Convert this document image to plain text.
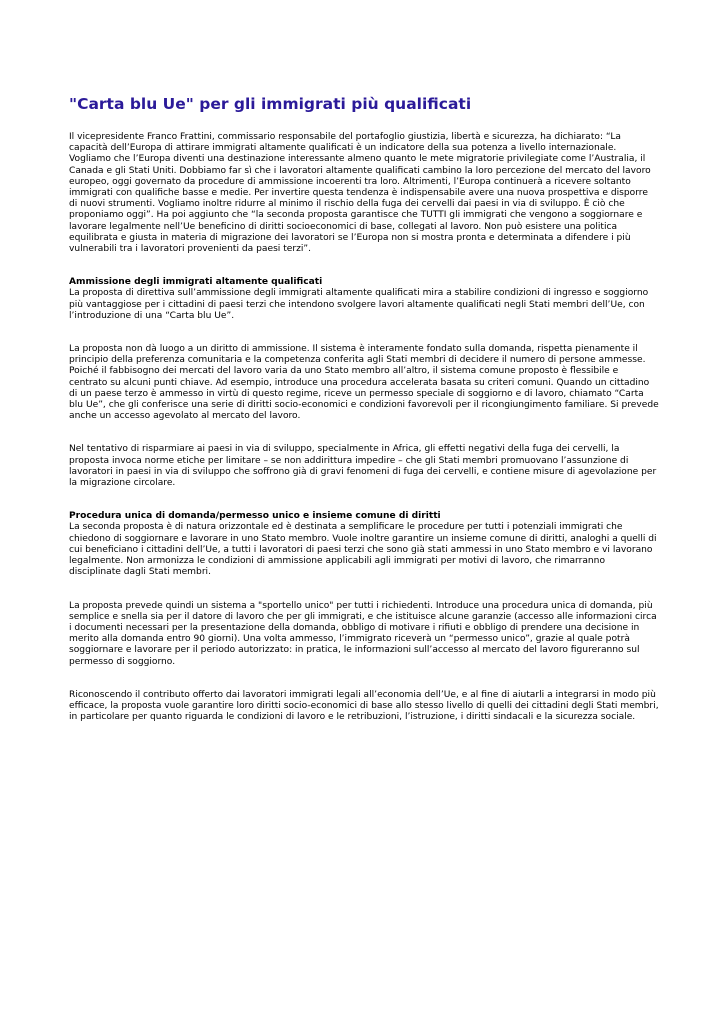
"Carta blu Ue" per gli immigrati più qualificati

Il vicepresidente Franco Frattini, commissario responsabile del portafoglio giustizia, libertà e sicurezza, ha dichiarato: “La capacità dell’Europa di attirare immigrati altamente qualificati è un indicatore della sua potenza a livello internazionale. Vogliamo che l’Europa diventi una destinazione interessante almeno quanto le mete migratorie privilegiate come l’Australia, il Canada e gli Stati Uniti. Dobbiamo far sì che i lavoratori altamente qualificati cambino la loro percezione del mercato del lavoro europeo, oggi governato da procedure di ammissione incoerenti tra loro. Altrimenti, l’Europa continuerà a ricevere soltanto immigrati con qualifiche basse e medie. Per invertire questa tendenza è indispensabile avere una nuova prospettiva e disporre di nuovi strumenti. Vogliamo inoltre ridurre al minimo il rischio della fuga dei cervelli dai paesi in via di sviluppo. È ciò che proponiamo oggi”. Ha poi aggiunto che “la seconda proposta garantisce che TUTTI gli immigrati che vengono a soggiornare e lavorare legalmente nell’Ue beneficino di diritti socioeconomici di base, collegati al lavoro. Non può esistere una politica equilibrata e giusta in materia di migrazione dei lavoratori se l’Europa non si mostra pronta e determinata a difendere i più vulnerabili tra i lavoratori provenienti da paesi terzi”.

Ammissione degli immigrati altamente qualificati

La proposta di direttiva sull’ammissione degli immigrati altamente qualificati mira a stabilire condizioni di ingresso e soggiorno più vantaggiose per i cittadini di paesi terzi che intendono svolgere lavori altamente qualificati negli Stati membri dell’Ue, con l’introduzione di una “Carta blu Ue”.

La proposta non dà luogo a un diritto di ammissione. Il sistema è interamente fondato sulla domanda, rispetta pienamente il principio della preferenza comunitaria e la competenza conferita agli Stati membri di decidere il numero di persone ammesse. Poiché il fabbisogno dei mercati del lavoro varia da uno Stato membro all’altro, il sistema comune proposto è flessibile e centrato su alcuni punti chiave. Ad esempio, introduce una procedura accelerata basata su criteri comuni. Quando un cittadino di un paese terzo è ammesso in virtù di questo regime, riceve un permesso speciale di soggiorno e di lavoro, chiamato “Carta blu Ue”, che gli conferisce una serie di diritti socio-economici e condizioni favorevoli per il ricongiungimento familiare. Si prevede anche un accesso agevolato al mercato del lavoro.

Nel tentativo di risparmiare ai paesi in via di sviluppo, specialmente in Africa, gli effetti negativi della fuga dei cervelli, la proposta invoca norme etiche per limitare – se non addirittura impedire – che gli Stati membri promuovano l’assunzione di lavoratori in paesi in via di sviluppo che soffrono già di gravi fenomeni di fuga dei cervelli, e contiene misure di agevolazione per la migrazione circolare.

Procedura unica di domanda/permesso unico e insieme comune di diritti

La seconda proposta è di natura orizzontale ed è destinata a semplificare le procedure per tutti i potenziali immigrati che chiedono di soggiornare e lavorare in uno Stato membro. Vuole inoltre garantire un insieme comune di diritti, analoghi a quelli di cui beneficiano i cittadini dell’Ue, a tutti i lavoratori di paesi terzi che sono già stati ammessi in uno Stato membro e vi lavorano legalmente. Non armonizza le condizioni di ammissione applicabili agli immigrati per motivi di lavoro, che rimarranno disciplinate dagli Stati membri.

La proposta prevede quindi un sistema a "sportello unico" per tutti i richiedenti. Introduce una procedura unica di domanda, più semplice e snella sia per il datore di lavoro che per gli immigrati, e che istituisce alcune garanzie (accesso alle informazioni circa i documenti necessari per la presentazione della domanda, obbligo di motivare i rifiuti e obbligo di prendere una decisione in merito alla domanda entro 90 giorni). Una volta ammesso, l’immigrato riceverà un “permesso unico”, grazie al quale potrà soggiornare e lavorare per il periodo autorizzato: in pratica, le informazioni sull’accesso al mercato del lavoro figureranno sul permesso di soggiorno.

Riconoscendo il contributo offerto dai lavoratori immigrati legali all’economia dell’Ue, e al fine di aiutarli a integrarsi in modo più efficace, la proposta vuole garantire loro diritti socio-economici di base allo stesso livello di quelli dei cittadini degli Stati membri, in particolare per quanto riguarda le condizioni di lavoro e le retribuzioni, l’istruzione, i diritti sindacali e la sicurezza sociale.
